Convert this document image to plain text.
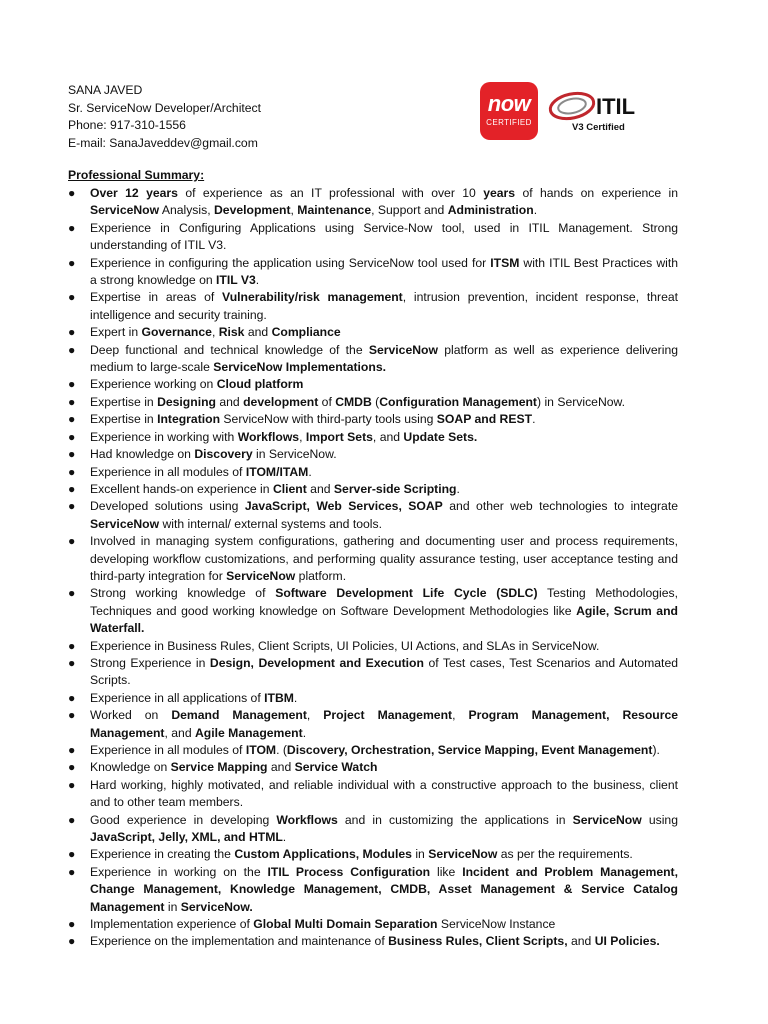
SANA JAVED
Sr. ServiceNow Developer/Architect
Phone: 917-310-1556
E-mail: SanaJaveddev@gmail.com
now
CERTIFIED
ITIL
V3 Certified
Professional Summary:
● Over 12 years of experience as an IT professional with over 10 years of hands on experience in ServiceNow Analysis, Development, Maintenance, Support and Administration.
● Experience in Configuring Applications using Service-Now tool, used in ITIL Management. Strong understanding of ITIL V3.
● Experience in configuring the application using ServiceNow tool used for ITSM with ITIL Best Practices with a strong knowledge on ITIL V3.
● Expertise in areas of Vulnerability/risk management, intrusion prevention, incident response, threat intelligence and security training.
● Expert in Governance, Risk and Compliance
● Deep functional and technical knowledge of the ServiceNow platform as well as experience delivering medium to large-scale ServiceNow Implementations.
● Experience working on Cloud platform
● Expertise in Designing and development of CMDB (Configuration Management) in ServiceNow.
● Expertise in Integration ServiceNow with third-party tools using SOAP and REST.
● Experience in working with Workflows, Import Sets, and Update Sets.
● Had knowledge on Discovery in ServiceNow.
● Experience in all modules of ITOM/ITAM.
● Excellent hands-on experience in Client and Server-side Scripting.
● Developed solutions using JavaScript, Web Services, SOAP and other web technologies to integrate ServiceNow with internal/ external systems and tools.
● Involved in managing system configurations, gathering and documenting user and process requirements, developing workflow customizations, and performing quality assurance testing, user acceptance testing and third-party integration for ServiceNow platform.
● Strong working knowledge of Software Development Life Cycle (SDLC) Testing Methodologies, Techniques and good working knowledge on Software Development Methodologies like Agile, Scrum and Waterfall.
● Experience in Business Rules, Client Scripts, UI Policies, UI Actions, and SLAs in ServiceNow.
● Strong Experience in Design, Development and Execution of Test cases, Test Scenarios and Automated Scripts.
● Experience in all applications of ITBM.
● Worked on Demand Management, Project Management, Program Management, Resource Management, and Agile Management.
● Experience in all modules of ITOM. (Discovery, Orchestration, Service Mapping, Event Management).
● Knowledge on Service Mapping and Service Watch
● Hard working, highly motivated, and reliable individual with a constructive approach to the business, client and to other team members.
● Good experience in developing Workflows and in customizing the applications in ServiceNow using JavaScript, Jelly, XML, and HTML.
● Experience in creating the Custom Applications, Modules in ServiceNow as per the requirements.
● Experience in working on the ITIL Process Configuration like Incident and Problem Management, Change Management, Knowledge Management, CMDB, Asset Management & Service Catalog Management in ServiceNow.
● Implementation experience of Global Multi Domain Separation ServiceNow Instance
● Experience on the implementation and maintenance of Business Rules, Client Scripts, and UI Policies.
